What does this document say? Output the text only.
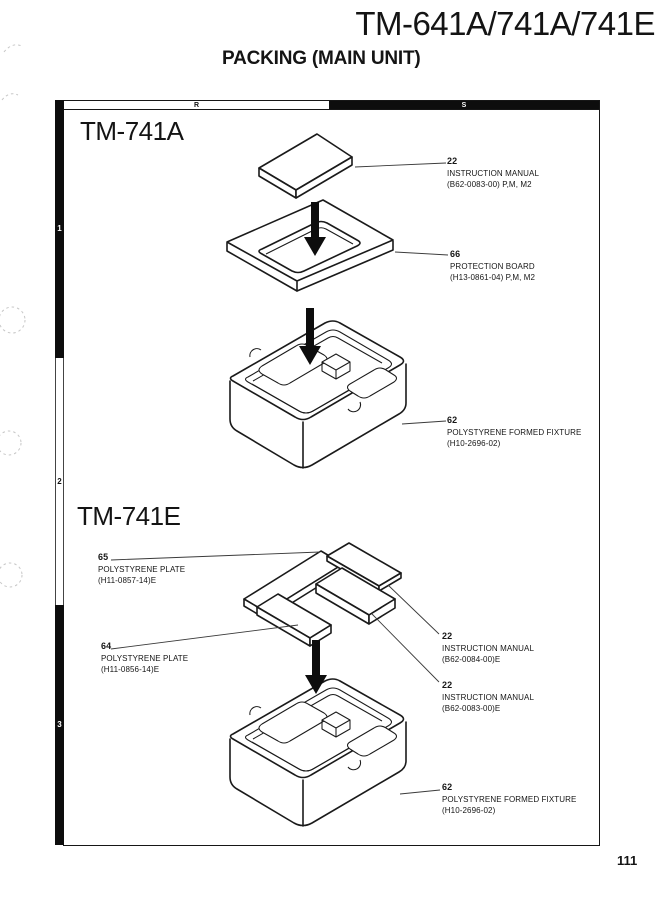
TM-641A/741A/741E
PACKING (MAIN UNIT)
R	S
1
2
3
TM-741A
TM-741E
22
INSTRUCTION MANUAL
(B62-0083-00) P,M, M2
66
PROTECTION BOARD
(H13-0861-04) P,M, M2
62
POLYSTYRENE FORMED FIXTURE
(H10-2696-02)
65
POLYSTYRENE PLATE
(H11-0857-14)E
64
POLYSTYRENE PLATE
(H11-0856-14)E
22
INSTRUCTION MANUAL
(B62-0084-00)E
22
INSTRUCTION MANUAL
(B62-0083-00)E
62
POLYSTYRENE FORMED FIXTURE
(H10-2696-02)
111
